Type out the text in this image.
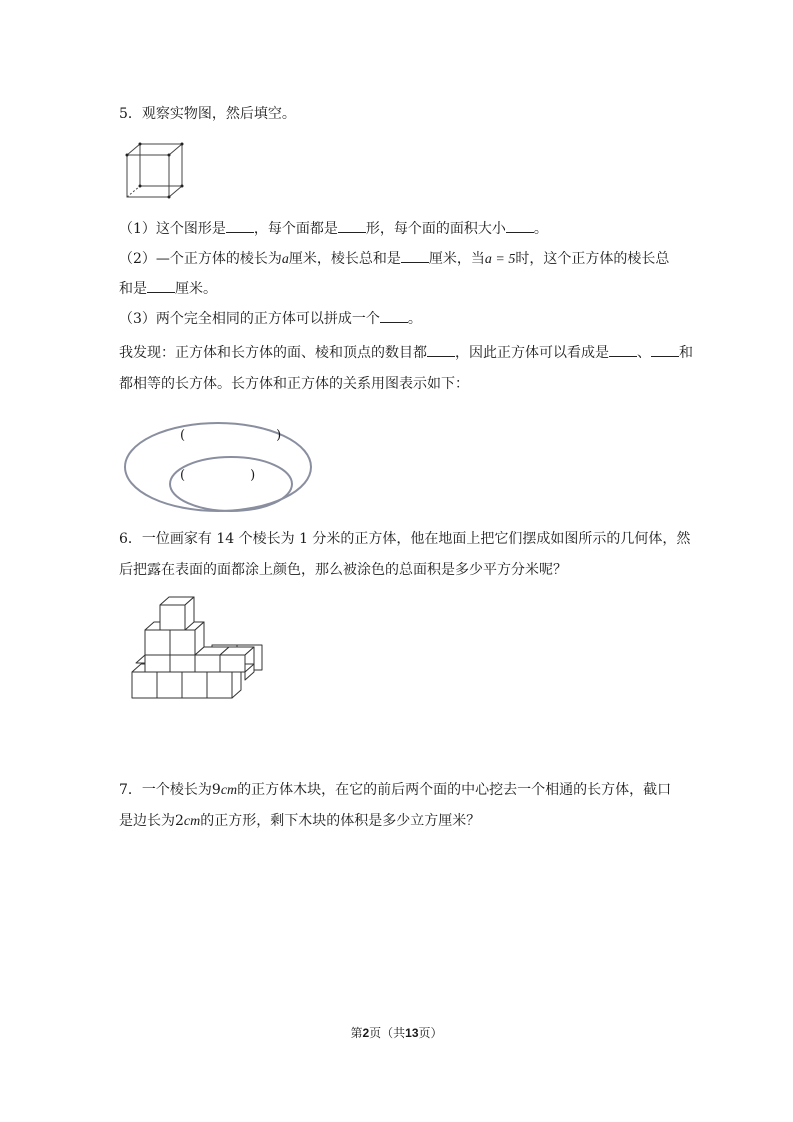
5．观察实物图，然后填空。
（1）这个图形是 ，每个面都是 形，每个面的面积大小 。
（2）—个正方体的棱长为a厘米，棱长总和是 厘米，当a = 5时，这个正方体的棱长总
和是 厘米。
（3）两个完全相同的正方体可以拼成一个 。
我发现：正方体和长方体的面、棱和顶点的数目都 ，因此正方体可以看成是 、 和
都相等的长方体。长方体和正方体的关系用图表示如下：
(　　　　　　　)
(　　　　　)
6．一位画家有 14 个棱长为 1 分米的正方体，他在地面上把它们摆成如图所示的几何体，然
后把露在表面的面都涂上颜色，那么被涂色的总面积是多少平方分米呢？
7．一个棱长为9cm的正方体木块，在它的前后两个面的中心挖去一个相通的长方体，截口
是边长为2cm的正方形，剩下木块的体积是多少立方厘米？
第2页（共13页）
